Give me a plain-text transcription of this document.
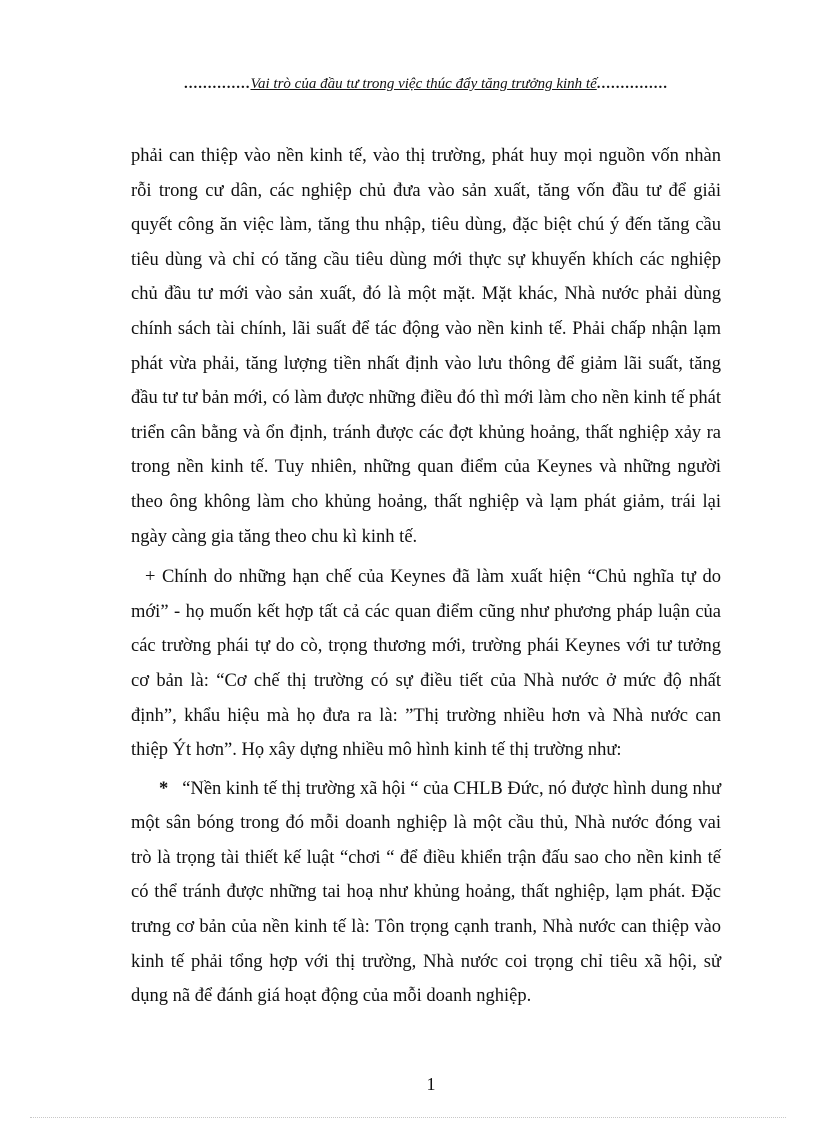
..............Vai trò của đầu tư trong việc thúc đẩy tăng trưởng kinh tế...............

phải can thiệp vào nền kinh tế, vào thị trường, phát huy mọi nguồn vốn nhàn rỗi trong cư dân, các nghiệp chủ đưa vào sản xuất, tăng vốn đầu tư để giải quyết công ăn việc làm, tăng thu nhập, tiêu dùng, đặc biệt chú ý đến tăng cầu tiêu dùng và chỉ có tăng cầu tiêu dùng mới thực sự khuyến khích các nghiệp chủ đầu tư mới vào sản xuất, đó là một mặt. Mặt khác, Nhà nước phải dùng chính sách tài chính, lãi suất để tác động vào nền kinh tế. Phải chấp nhận lạm phát vừa phải, tăng lượng tiền nhất định vào lưu thông để giảm lãi suất, tăng đầu tư tư bản mới, có làm được những điều đó thì mới làm cho nền kinh tế phát triển cân bằng và ổn định, tránh được các đợt khủng hoảng, thất nghiệp xảy ra trong nền kinh tế. Tuy nhiên, những quan điểm của Keynes và những người theo ông không làm cho khủng hoảng, thất nghiệp và lạm phát giảm, trái lại ngày càng gia tăng theo chu kì kinh tế.

+ Chính do những hạn chế của Keynes đã làm xuất hiện “Chủ nghĩa tự do mới” - họ muốn kết hợp tất cả các quan điểm cũng như phương pháp luận của các trường phái tự do cò, trọng thương mới, trường phái Keynes với tư tưởng cơ bản là: “Cơ chế thị trường có sự điều tiết của Nhà nước ở mức độ nhất định”, khẩu hiệu mà họ đưa ra là: ”Thị trường nhiều hơn và Nhà nước can thiệp Ýt hơn”. Họ xây dựng nhiều mô hình kinh tế thị trường như:

* “Nền kinh tế thị trường xã hội “ của CHLB Đức, nó được hình dung như một sân bóng trong đó mỗi doanh nghiệp là một cầu thủ, Nhà nước đóng vai trò là trọng tài thiết kế luật “chơi “ để điều khiển trận đấu sao cho nền kinh tế có thể tránh được những tai hoạ như khủng hoảng, thất nghiệp, lạm phát. Đặc trưng cơ bản của nền kinh tế là: Tôn trọng cạnh tranh, Nhà nước can thiệp vào kinh tế phải tổng hợp với thị trường, Nhà nước coi trọng chỉ tiêu xã hội, sử dụng nã để đánh giá hoạt động của mỗi doanh nghiệp.

1
